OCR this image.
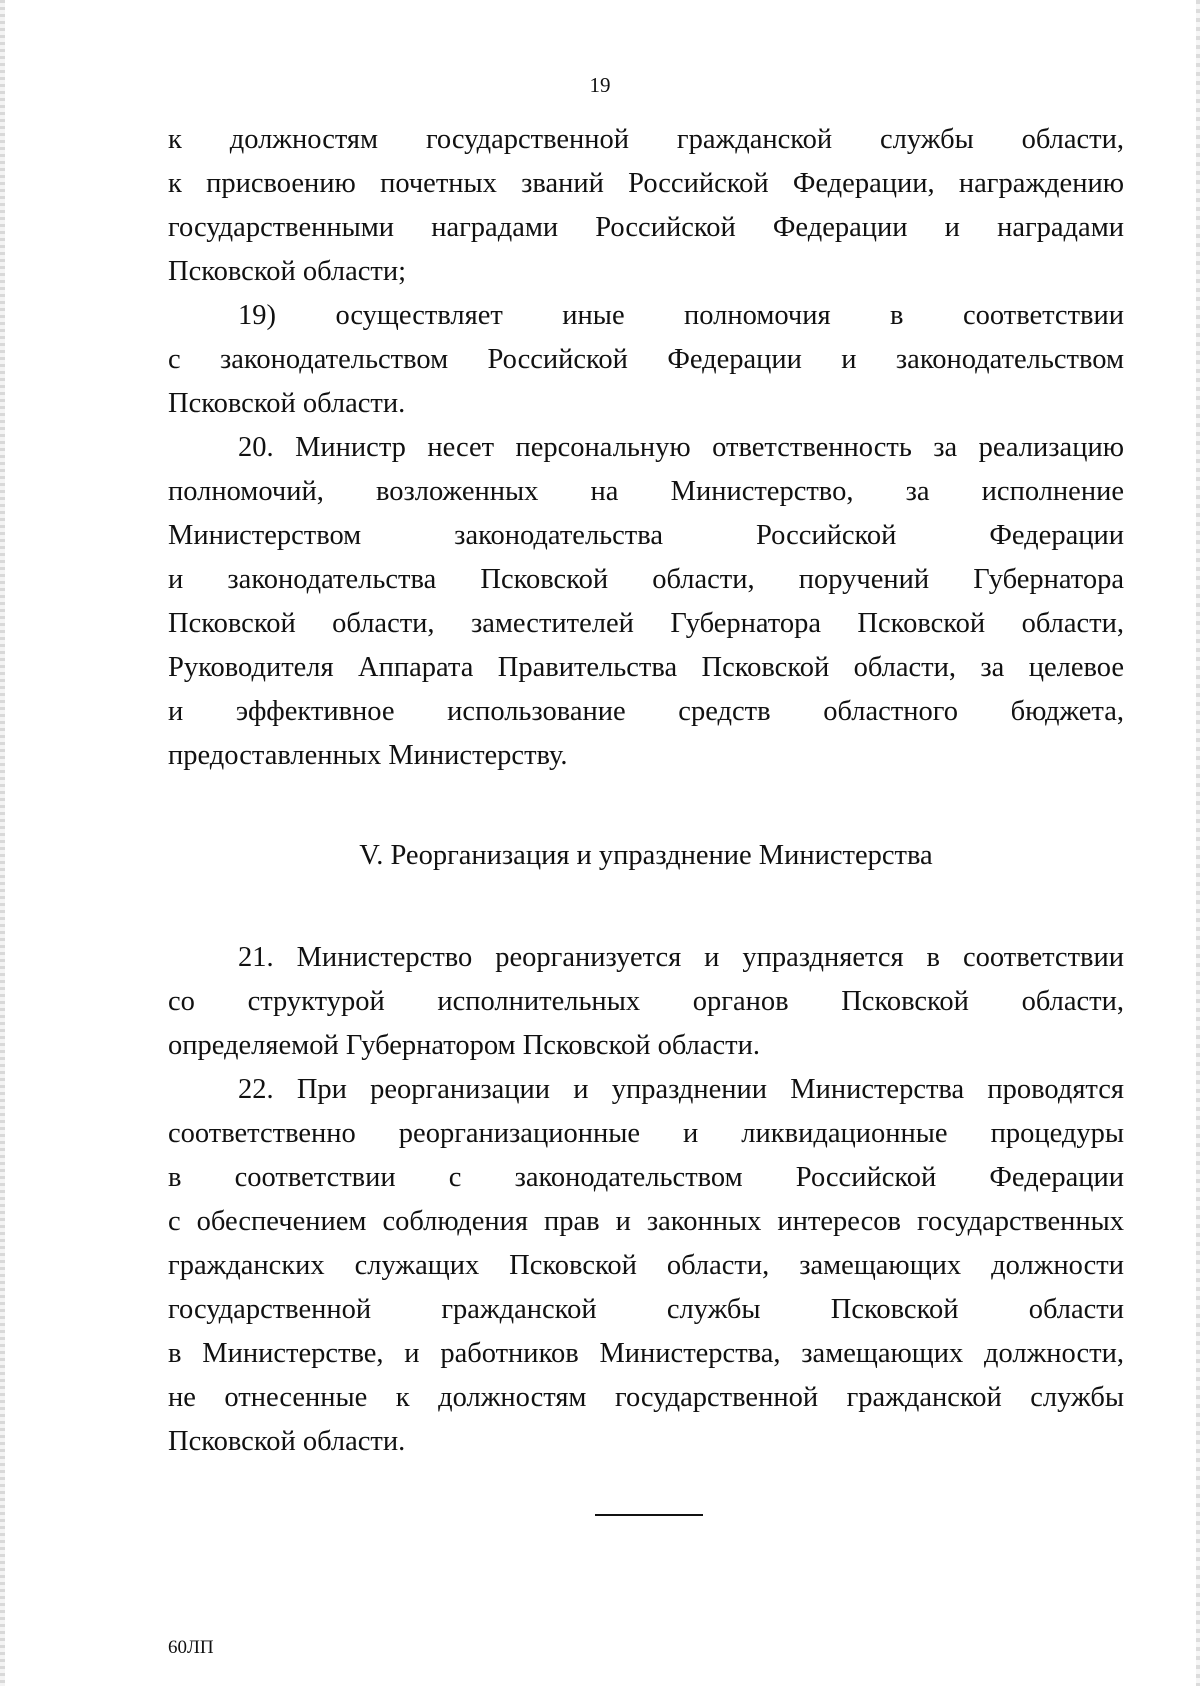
19
к должностям государственной гражданской службы области,
к присвоению почетных званий Российской Федерации, награждению
государственными наградами Российской Федерации и наградами
Псковской области;
19) осуществляет иные полномочия в соответствии
с законодательством Российской Федерации и законодательством
Псковской области.
20. Министр несет персональную ответственность за реализацию
полномочий, возложенных на Министерство, за исполнение
Министерством законодательства Российской Федерации
и законодательства Псковской области, поручений Губернатора
Псковской области, заместителей Губернатора Псковской области,
Руководителя Аппарата Правительства Псковской области, за целевое
и эффективное использование средств областного бюджета,
предоставленных Министерству.
V. Реорганизация и упразднение Министерства
21. Министерство реорганизуется и упраздняется в соответствии
со структурой исполнительных органов Псковской области,
определяемой Губернатором Псковской области.
22. При реорганизации и упразднении Министерства проводятся
соответственно реорганизационные и ликвидационные процедуры
в соответствии с законодательством Российской Федерации
с обеспечением соблюдения прав и законных интересов государственных
гражданских служащих Псковской области, замещающих должности
государственной гражданской службы Псковской области
в Министерстве, и работников Министерства, замещающих должности,
не отнесенные к должностям государственной гражданской службы
Псковской области.
60ЛП
